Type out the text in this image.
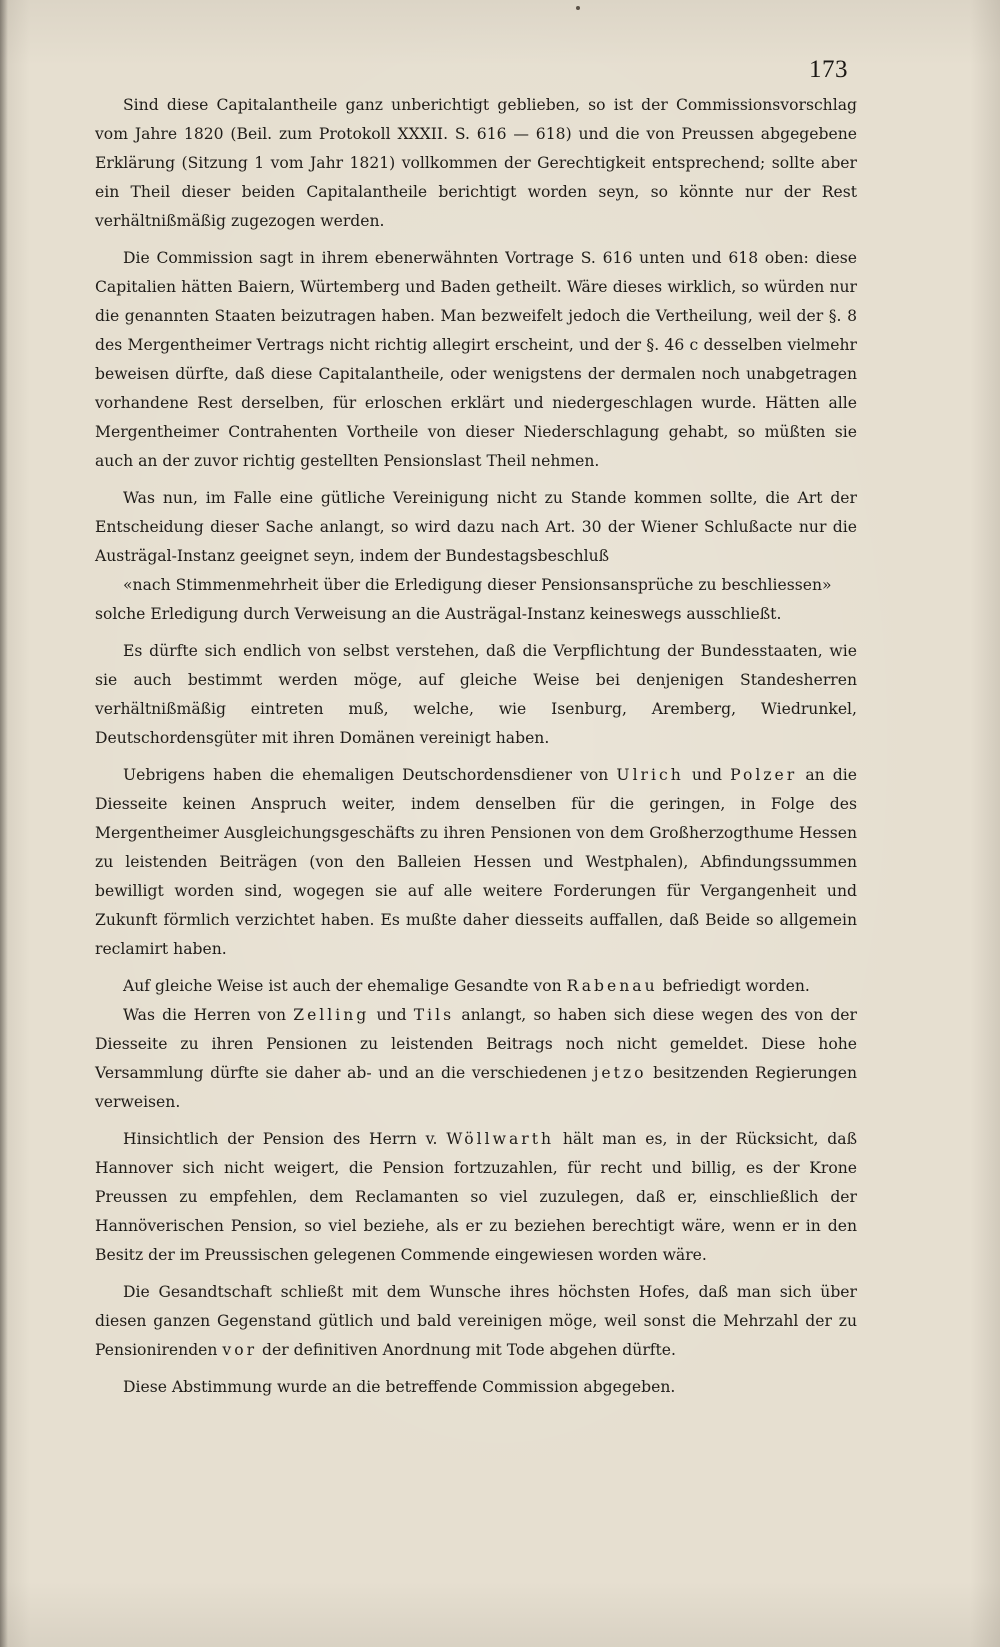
173

Sind diese Capitalantheile ganz unberichtigt geblieben, so ist der Commissionsvorschlag vom Jahre 1820 (Beil. zum Protokoll XXXII. S. 616 — 618) und die von Preussen abgegebene Erklärung (Sitzung 1 vom Jahr 1821) vollkommen der Gerechtigkeit entsprechend; sollte aber ein Theil dieser beiden Capitalantheile berichtigt worden seyn, so könnte nur der Rest verhältnißmäßig zugezogen werden.

Die Commission sagt in ihrem ebenerwähnten Vortrage S. 616 unten und 618 oben: diese Capitalien hätten Baiern, Würtemberg und Baden getheilt. Wäre dieses wirklich, so würden nur die genannten Staaten beizutragen haben. Man bezweifelt jedoch die Vertheilung, weil der §. 8 des Mergentheimer Vertrags nicht richtig allegirt erscheint, und der §. 46 c desselben vielmehr beweisen dürfte, daß diese Capitalantheile, oder wenigstens der dermalen noch unabgetragen vorhandene Rest derselben, für erloschen erklärt und niedergeschlagen wurde. Hätten alle Mergentheimer Contrahenten Vortheile von dieser Niederschlagung gehabt, so müßten sie auch an der zuvor richtig gestellten Pensionslast Theil nehmen.

Was nun, im Falle eine gütliche Vereinigung nicht zu Stande kommen sollte, die Art der Entscheidung dieser Sache anlangt, so wird dazu nach Art. 30 der Wiener Schlußacte nur die Austrägal-Instanz geeignet seyn, indem der Bundestagsbeschluß

«nach Stimmenmehrheit über die Erledigung dieser Pensionsansprüche zu beschliessen»

solche Erledigung durch Verweisung an die Austrägal-Instanz keineswegs ausschließt.

Es dürfte sich endlich von selbst verstehen, daß die Verpflichtung der Bundesstaaten, wie sie auch bestimmt werden möge, auf gleiche Weise bei denjenigen Standesherren verhältnißmäßig eintreten muß, welche, wie Isenburg, Aremberg, Wiedrunkel, Deutschordensgüter mit ihren Domänen vereinigt haben.

Uebrigens haben die ehemaligen Deutschordensdiener von Ulrich und Polzer an die Diesseite keinen Anspruch weiter, indem denselben für die geringen, in Folge des Mergentheimer Ausgleichungsgeschäfts zu ihren Pensionen von dem Großherzogthume Hessen zu leistenden Beiträgen (von den Balleien Hessen und Westphalen), Abfindungssummen bewilligt worden sind, wogegen sie auf alle weitere Forderungen für Vergangenheit und Zukunft förmlich verzichtet haben. Es mußte daher diesseits auffallen, daß Beide so allgemein reclamirt haben.

Auf gleiche Weise ist auch der ehemalige Gesandte von Rabenau befriedigt worden.

Was die Herren von Zelling und Tils anlangt, so haben sich diese wegen des von der Diesseite zu ihren Pensionen zu leistenden Beitrags noch nicht gemeldet. Diese hohe Versammlung dürfte sie daher ab- und an die verschiedenen jetzo besitzenden Regierungen verweisen.

Hinsichtlich der Pension des Herrn v. Wöllwarth hält man es, in der Rücksicht, daß Hannover sich nicht weigert, die Pension fortzuzahlen, für recht und billig, es der Krone Preussen zu empfehlen, dem Reclamanten so viel zuzulegen, daß er, einschließlich der Hannöverischen Pension, so viel beziehe, als er zu beziehen berechtigt wäre, wenn er in den Besitz der im Preussischen gelegenen Commende eingewiesen worden wäre.

Die Gesandtschaft schließt mit dem Wunsche ihres höchsten Hofes, daß man sich über diesen ganzen Gegenstand gütlich und bald vereinigen möge, weil sonst die Mehrzahl der zu Pensionirenden vor der definitiven Anordnung mit Tode abgehen dürfte.

Diese Abstimmung wurde an die betreffende Commission abgegeben.
